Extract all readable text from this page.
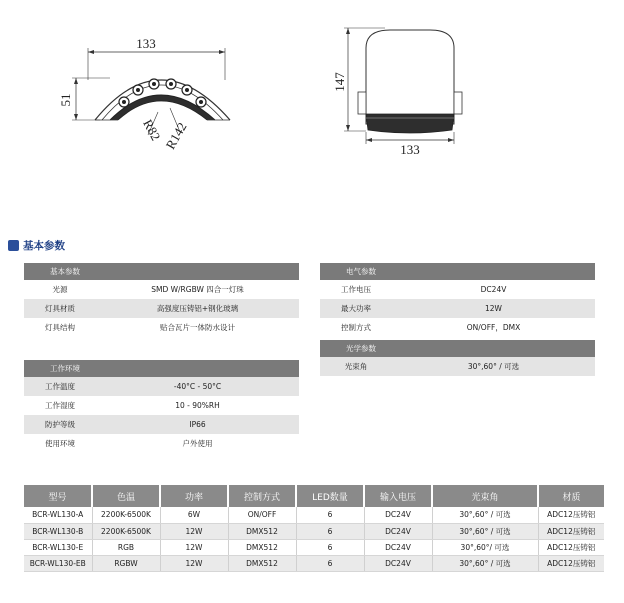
133
51
R82
R142
147
133
基本参数
基本参数
光源	SMD W/RGBW 四合一灯珠
灯具材质	高强度压铸铝+钢化玻璃
灯具结构	贴合瓦片一体防水设计
工作环境
工作温度	-40°C - 50°C
工作湿度	10 - 90%RH
防护等级	IP66
使用环境	户外使用
电气参数
工作电压	DC24V
最大功率	12W
控制方式	ON/OFF，DMX
光学参数
光束角	30°,60° / 可选
型号	色温	功率	控制方式	LED数量	输入电压	光束角	材质
BCR-WL130-A	2200K-6500K	6W	ON/OFF	6	DC24V	30°,60° / 可选	ADC12压铸铝
BCR-WL130-B	2200K-6500K	12W	DMX512	6	DC24V	30°,60° / 可选	ADC12压铸铝
BCR-WL130-E	RGB	12W	DMX512	6	DC24V	30°,60°/ 可选	ADC12压铸铝
BCR-WL130-EB	RGBW	12W	DMX512	6	DC24V	30°,60° / 可选	ADC12压铸铝
